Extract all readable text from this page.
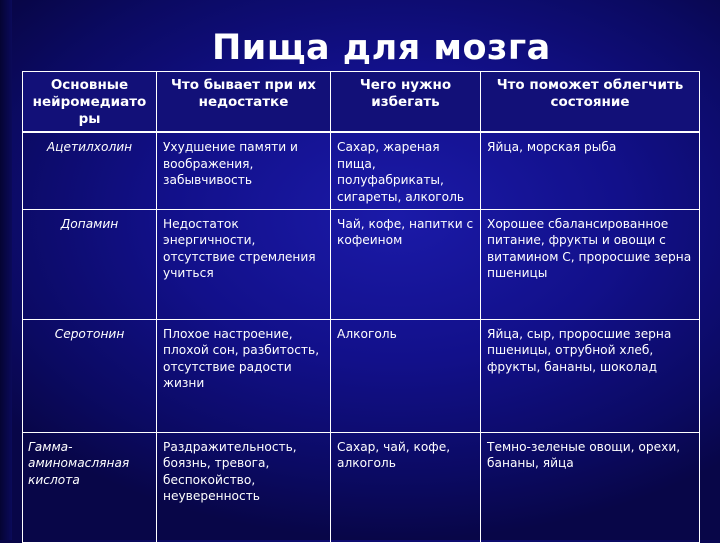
Пища для мозга
Основные нейромедиато ры	Что бывает при их недостатке	Чего нужно избегать	Что поможет облегчить состояние
Ацетилхолин	Ухудшение памяти и воображения, забывчивость	Сахар, жареная пища, полуфабрикаты, сигареты, алкоголь	Яйца, морская рыба
Допамин	Недостаток энергичности, отсутствие стремления учиться	Чай, кофе, напитки с кофеином	Хорошее сбалансированное питание, фрукты и овощи с витамином С, проросшие зерна пшеницы
Серотонин	Плохое настроение, плохой сон, разбитость, отсутствие радости жизни	Алкоголь	Яйца, сыр, проросшие зерна пшеницы, отрубной хлеб, фрукты, бананы, шоколад
Гамма-аминомасляная кислота	Раздражительность, боязнь, тревога, беспокойство, неуверенность	Сахар, чай, кофе, алкоголь	Темно-зеленые овощи, орехи, бананы, яйца
